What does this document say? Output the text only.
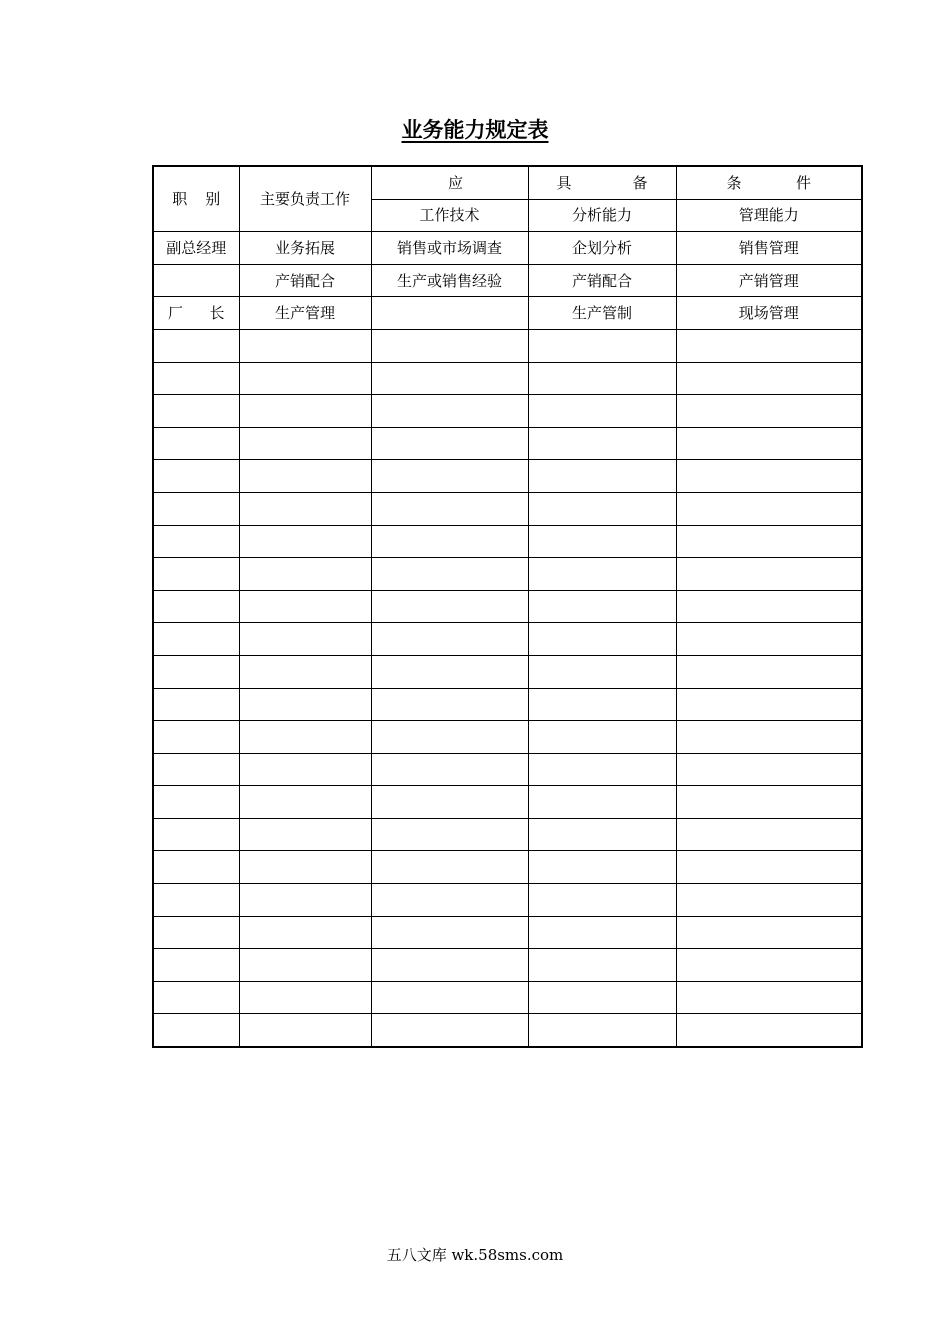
业务能力规定表
职 别	主要负责工作	应	具 备	条 件

		工作技术	分析能力	管理能力
副总经理	业务拓展	销售或市场调查	企划分析	销售管理
	产销配合	生产或销售经验	产销配合	产销管理

厂 长	生产管理		生产管制	现场管理

五八文库 wk.58sms.com
